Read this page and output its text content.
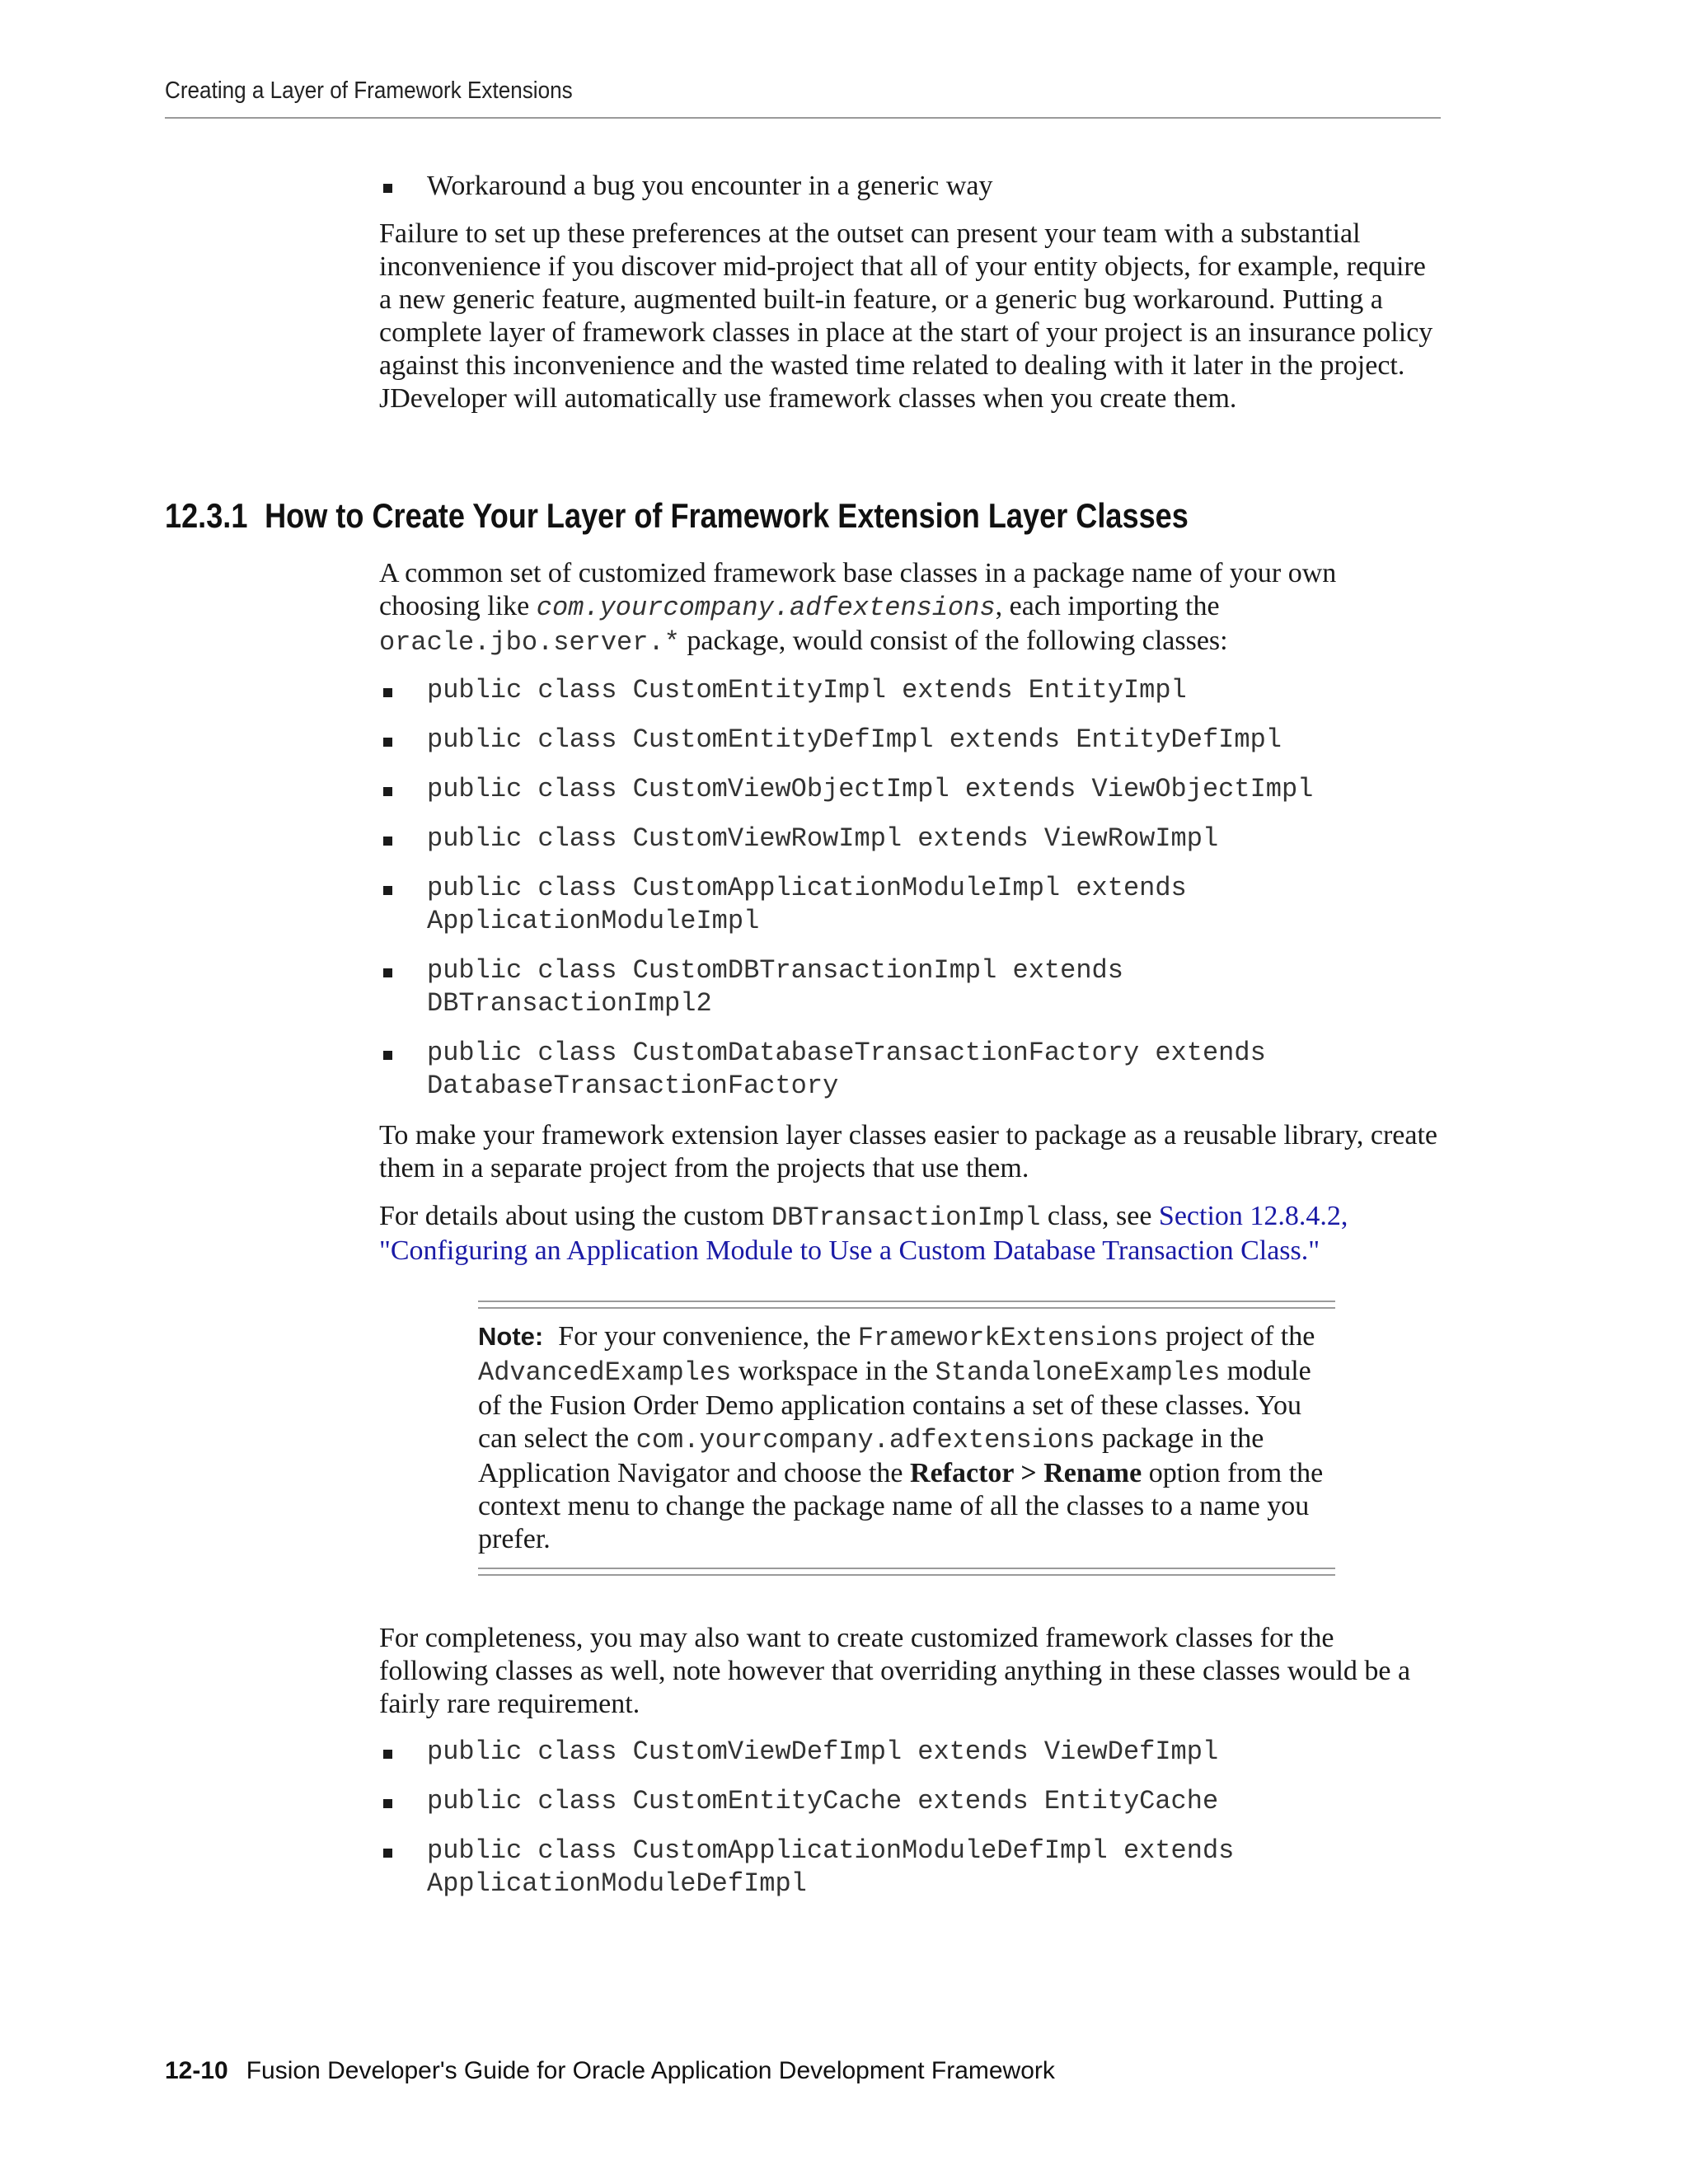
Creating a Layer of Framework Extensions
12.3.1 How to Create Your Layer of Framework Extension Layer Classes
Workaround a bug you encounter in a generic way

Failure to set up these preferences at the outset can present your team with a substantial inconvenience if you discover mid-project that all of your entity objects, for example, require a new generic feature, augmented built-in feature, or a generic bug workaround. Putting a complete layer of framework classes in place at the start of your project is an insurance policy against this inconvenience and the wasted time related to dealing with it later in the project. JDeveloper will automatically use framework classes when you create them.

A common set of customized framework base classes in a package name of your own choosing like com.yourcompany.adfextensions, each importing the oracle.jbo.server.* package, would consist of the following classes:

public class CustomEntityImpl extends EntityImpl
public class CustomEntityDefImpl extends EntityDefImpl
public class CustomViewObjectImpl extends ViewObjectImpl
public class CustomViewRowImpl extends ViewRowImpl
public class CustomApplicationModuleImpl extends ApplicationModuleImpl
public class CustomDBTransactionImpl extends DBTransactionImpl2
public class CustomDatabaseTransactionFactory extends DatabaseTransactionFactory

To make your framework extension layer classes easier to package as a reusable library, create them in a separate project from the projects that use them.

For details about using the custom DBTransactionImpl class, see Section 12.8.4.2, "Configuring an Application Module to Use a Custom Database Transaction Class."

Note: For your convenience, the FrameworkExtensions project of the AdvancedExamples workspace in the StandaloneExamples module of the Fusion Order Demo application contains a set of these classes. You can select the com.yourcompany.adfextensions package in the Application Navigator and choose the Refactor > Rename option from the context menu to change the package name of all the classes to a name you prefer.

For completeness, you may also want to create customized framework classes for the following classes as well, note however that overriding anything in these classes would be a fairly rare requirement.

public class CustomViewDefImpl extends ViewDefImpl
public class CustomEntityCache extends EntityCache
public class CustomApplicationModuleDefImpl extends ApplicationModuleDefImpl
12-10 Fusion Developer's Guide for Oracle Application Development Framework
